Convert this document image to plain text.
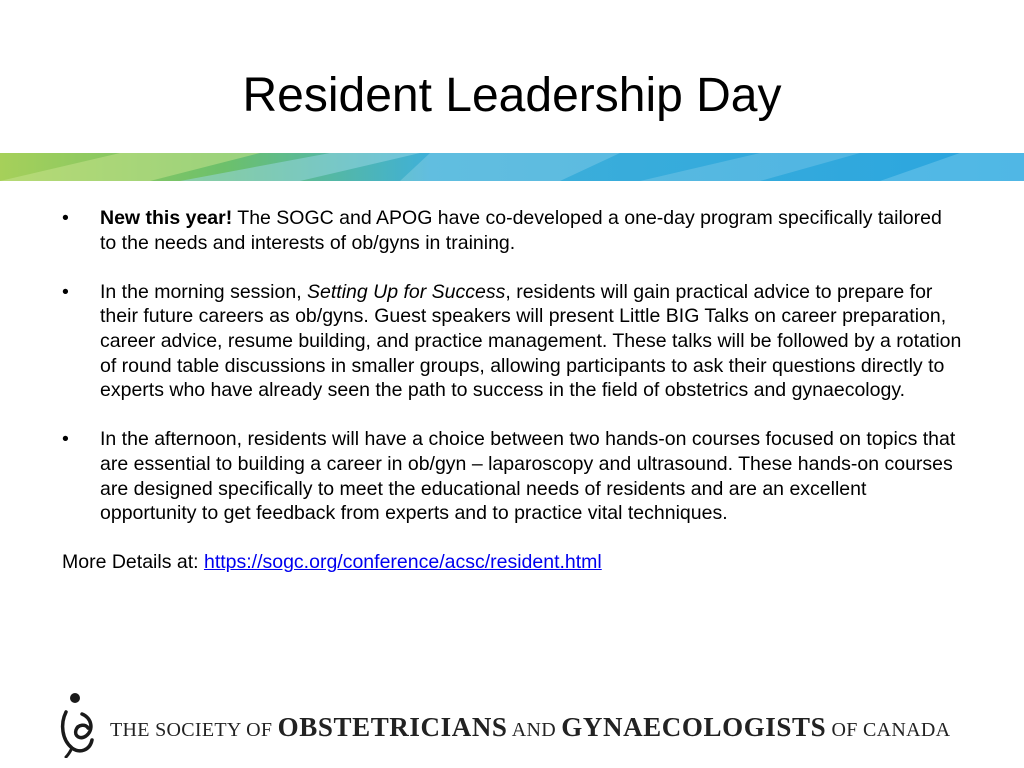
Resident Leadership Day
• New this year! The SOGC and APOG have co-developed a one-day program specifically tailored to the needs and interests of ob/gyns in training.
• In the morning session, Setting Up for Success, residents will gain practical advice to prepare for their future careers as ob/gyns. Guest speakers will present Little BIG Talks on career preparation, career advice, resume building, and practice management. These talks will be followed by a rotation of round table discussions in smaller groups, allowing participants to ask their questions directly to experts who have already seen the path to success in the field of obstetrics and gynaecology.
• In the afternoon, residents will have a choice between two hands-on courses focused on topics that are essential to building a career in ob/gyn – laparoscopy and ultrasound. These hands-on courses are designed specifically to meet the educational needs of residents and are an excellent opportunity to get feedback from experts and to practice vital techniques.

More Details at: https://sogc.org/conference/acsc/resident.html

THE SOCIETY OF OBSTETRICIANS AND GYNAECOLOGISTS OF CANADA
